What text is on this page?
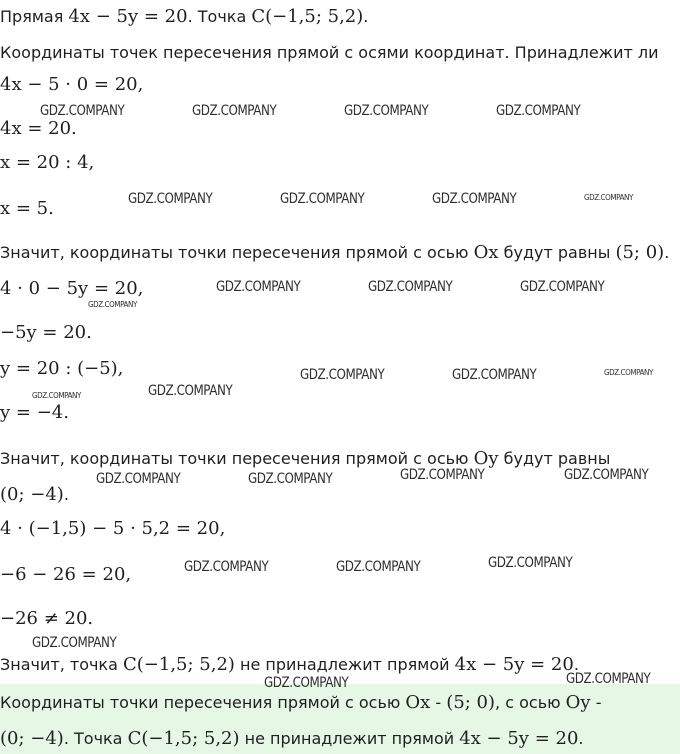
Прямая 4x − 5y = 20. Точка C(−1,5; 5,2).
Координаты точек пересечения прямой с осями координат. Принадлежит ли
4x − 5 · 0 = 20,
4x = 20.
x = 20 : 4,
x = 5.
Значит, координаты точки пересечения прямой с осью Ox будут равны (5; 0).
4 · 0 − 5y = 20,
−5y = 20.
y = 20 : (−5),
y = −4.
Значит, координаты точки пересечения прямой с осью Oy будут равны
(0; −4).
4 · (−1,5) − 5 · 5,2 = 20,
−6 − 26 = 20,
−26 ≠ 20.
Значит, точка C(−1,5; 5,2) не принадлежит прямой 4x − 5y = 20.
Координаты точки пересечения прямой с осью Ox - (5; 0), с осью Oy -
(0; −4). Точка C(−1,5; 5,2) не принадлежит прямой 4x − 5y = 20.
GDZ.COMPANY	GDZ.COMPANY	GDZ.COMPANY	GDZ.COMPANY
GDZ.COMPANY	GDZ.COMPANY	GDZ.COMPANY	GDZ.COMPANY
GDZ.COMPANY
GDZ.COMPANY	GDZ.COMPANY	GDZ.COMPANY
GDZ.COMPANY	GDZ.COMPANY	GDZ.COMPANY
GDZ.COMPANY
GDZ.COMPANY
GDZ.COMPANY	GDZ.COMPANY	GDZ.COMPANY	GDZ.COMPANY
GDZ.COMPANY	GDZ.COMPANY	GDZ.COMPANY
GDZ.COMPANY
GDZ.COMPANY	GDZ.COMPANY
